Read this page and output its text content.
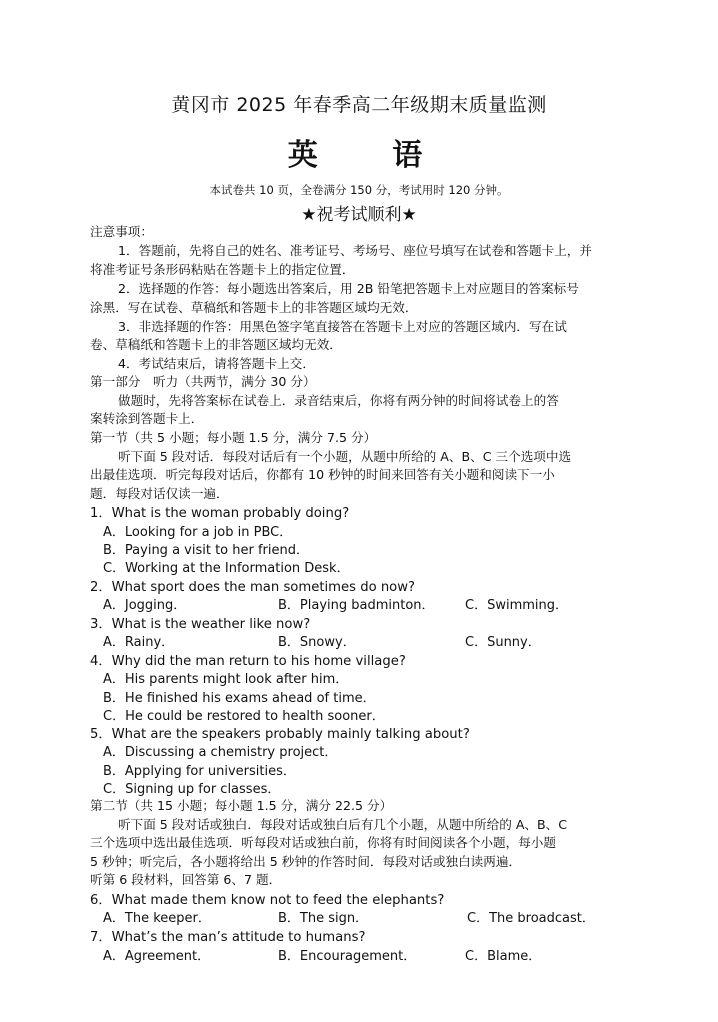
黄冈市 2025 年春季高二年级期末质量监测
英 语
本试卷共 10 页，全卷满分 150 分，考试用时 120 分钟。
★祝考试顺利★
注意事项：
1．答题前，先将自己的姓名、准考证号、考场号、座位号填写在试卷和答题卡上，并
将准考证号条形码粘贴在答题卡上的指定位置．
2．选择题的作答：每小题选出答案后，用 2B 铅笔把答题卡上对应题目的答案标号
涂黑．写在试卷、草稿纸和答题卡上的非答题区域均无效．
3．非选择题的作答：用黑色签字笔直接答在答题卡上对应的答题区域内．写在试
卷、草稿纸和答题卡上的非答题区域均无效．
4．考试结束后，请将答题卡上交．
第一部分　听力（共两节，满分 30 分）
做题时，先将答案标在试卷上．录音结束后，你将有两分钟的时间将试卷上的答
案转涂到答题卡上．
第一节（共 5 小题；每小题 1.5 分，满分 7.5 分）
听下面 5 段对话．每段对话后有一个小题，从题中所给的 A、B、C 三个选项中选
出最佳选项．听完每段对话后，你都有 10 秒钟的时间来回答有关小题和阅读下一小
题．每段对话仅读一遍．
1．What is the woman probably doing?
A．Looking for a job in PBC．
B．Paying a visit to her friend．
C．Working at the Information Desk．
2．What sport does the man sometimes do now?
A．Jogging．	B．Playing badminton． C．Swimming．
3．What is the weather like now?
A．Rainy．	B．Snowy．	C．Sunny．
4．Why did the man return to his home village?
A．His parents might look after him．
B．He finished his exams ahead of time．
C．He could be restored to health sooner．
5．What are the speakers probably mainly talking about?
A．Discussing a chemistry project．
B．Applying for universities．
C．Signing up for classes．
第二节（共 15 小题；每小题 1.5 分，满分 22.5 分）
听下面 5 段对话或独白．每段对话或独白后有几个小题，从题中所给的 A、B、C
三个选项中选出最佳选项．听每段对话或独白前，你将有时间阅读各个小题，每小题
5 秒钟；听完后，各小题将给出 5 秒钟的作答时间．每段对话或独白读两遍．
听第 6 段材料，回答第 6、7 题．
6．What made them know not to feed the elephants?
A．The keeper．	B．The sign．	C．The broadcast．
7．What’s the man’s attitude to humans?
A．Agreement．	B．Encouragement．	C．Blame．
